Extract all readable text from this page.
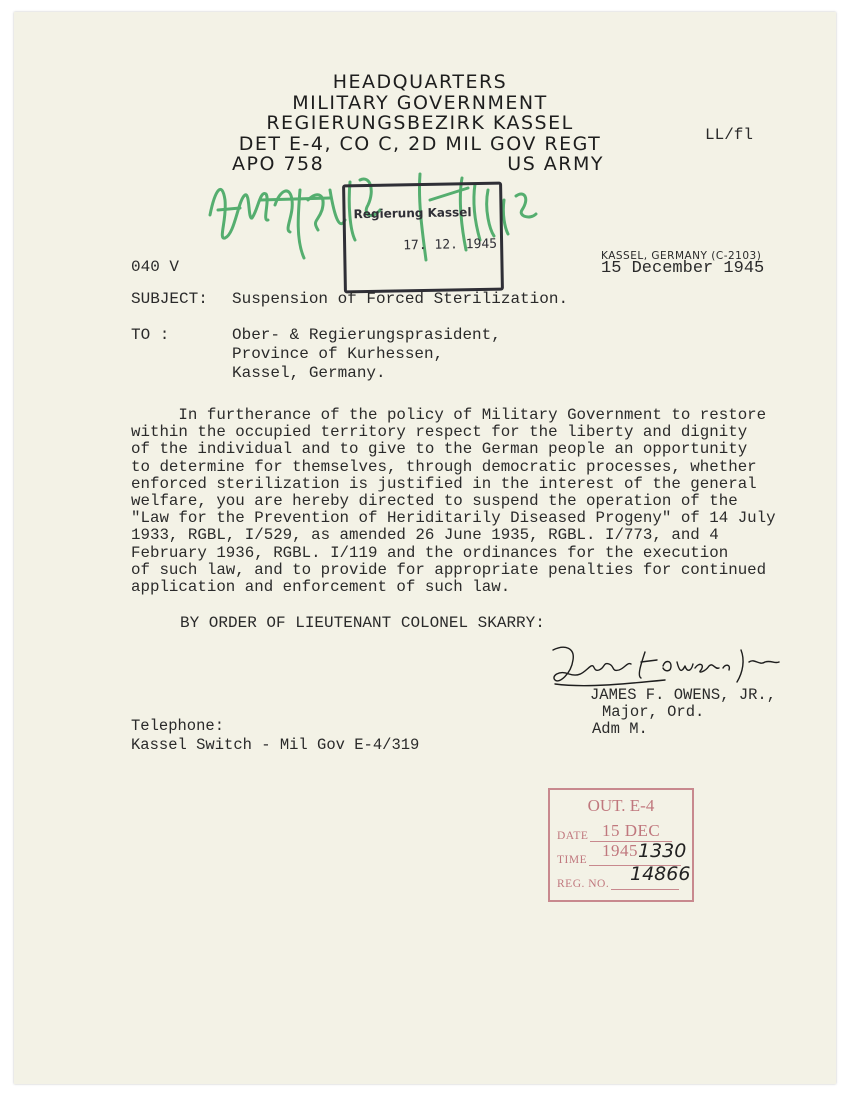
HEADQUARTERS
MILITARY GOVERNMENT
REGIERUNGSBEZIRK KASSEL
DET E-4, CO C, 2D MIL GOV REGT
APO 758	US ARMY
LL/fl
Regierung Kassel
17. 12. 1945
040 V
KASSEL, GERMANY (C-2103)
15 December 1945
SUBJECT: Suspension of Forced Sterilization.
TO :	Ober- & Regierungsprasident,
Province of Kurhessen,
Kassel, Germany.
In furtherance of the policy of Military Government to restore
within the occupied territory respect for the liberty and dignity
of the individual and to give to the German people an opportunity
to determine for themselves, through democratic processes, whether
enforced sterilization is justified in the interest of the general
welfare, you are hereby directed to suspend the operation of the
"Law for the Prevention of Heriditarily Diseased Progeny" of 14 July
1933, RGBL, I/529, as amended 26 June 1935, RGBL. I/773, and 4
February 1936, RGBL. I/119 and the ordinances for the execution
of such law, and to provide for appropriate penalties for continued
application and enforcement of such law.
BY ORDER OF LIEUTENANT COLONEL SKARRY:
JAMES F. OWENS, JR.,
Major, Ord.
Adm M.
Telephone:
Kassel Switch - Mil Gov E-4/319
OUT. E-4
DATE 15 DEC 1945
TIME	1330
REG. NO.	14866
